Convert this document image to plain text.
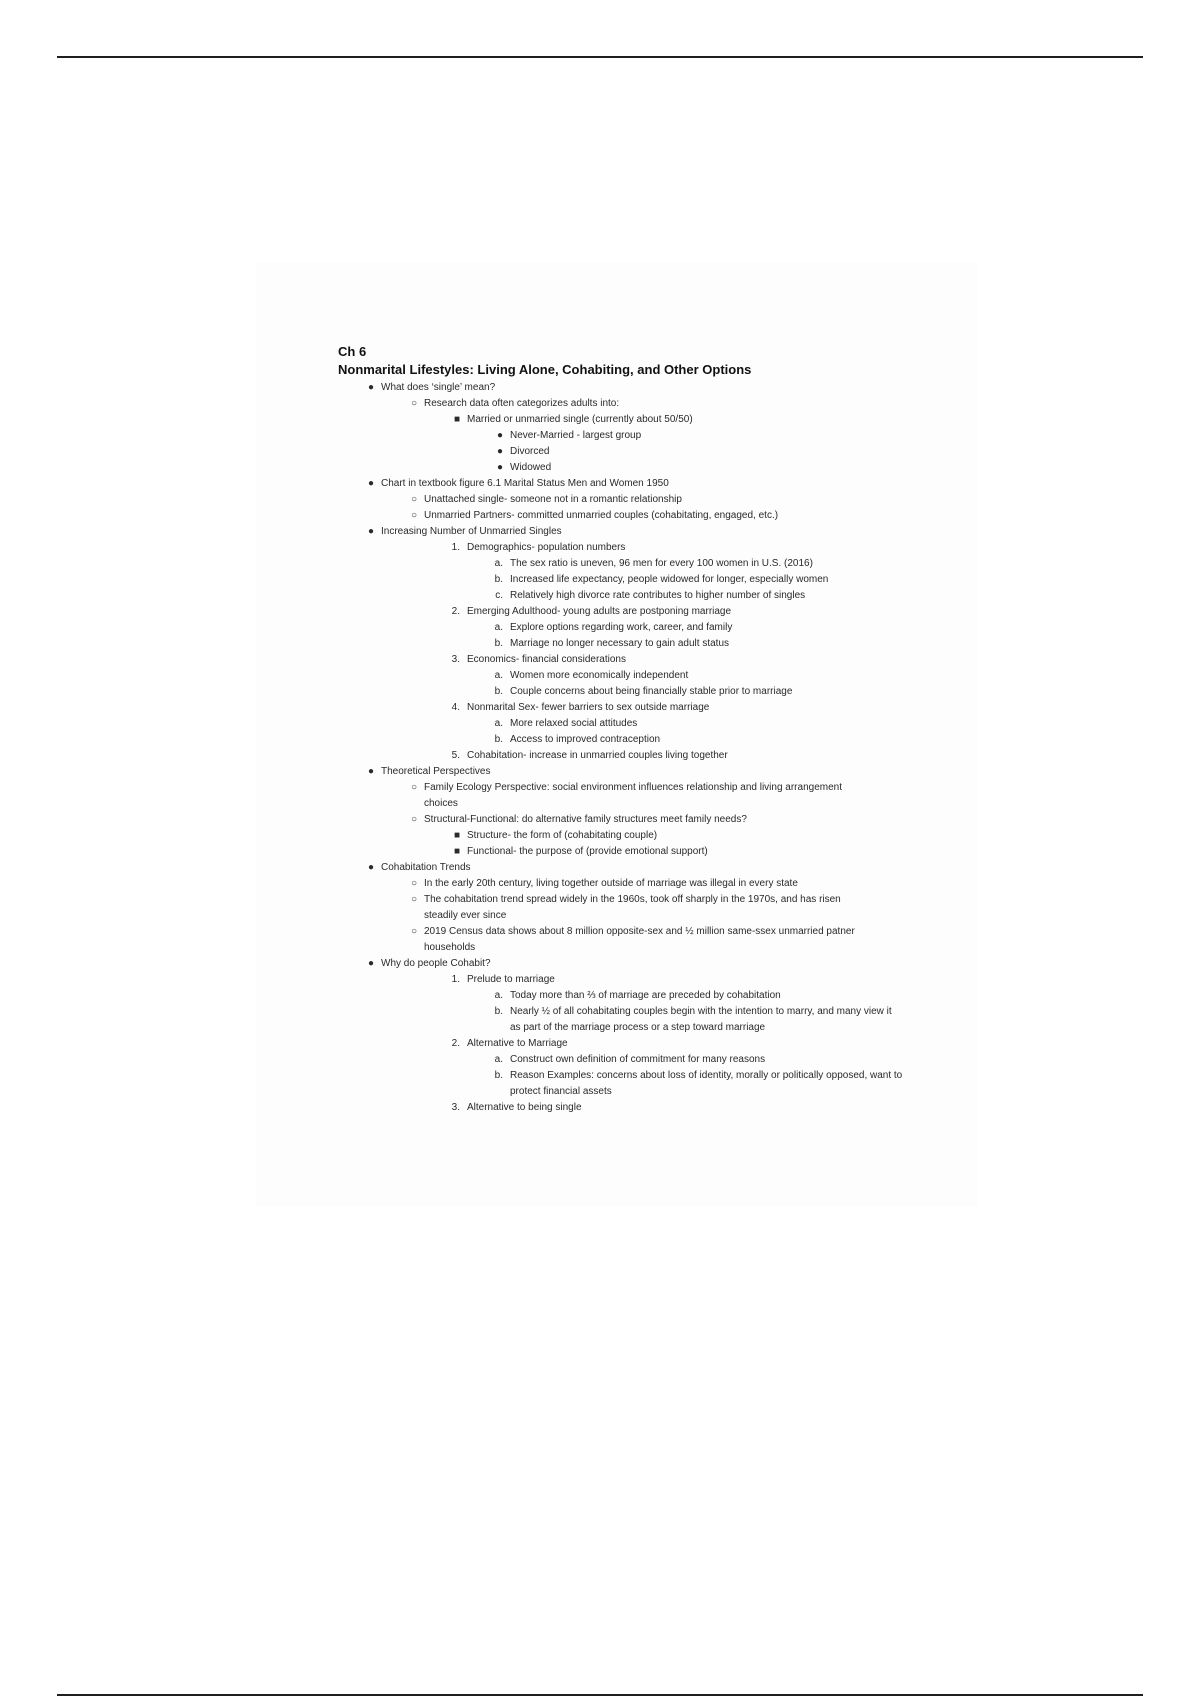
Ch 6
Nonmarital Lifestyles: Living Alone, Cohabiting, and Other Options
● What does ‘single’ mean?
○ Research data often categorizes adults into:
■ Married or unmarried single (currently about 50/50)
● Never-Married - largest group
● Divorced
● Widowed
● Chart in textbook figure 6.1 Marital Status Men and Women 1950
○ Unattached single- someone not in a romantic relationship
○ Unmarried Partners- committed unmarried couples (cohabitating, engaged, etc.)
● Increasing Number of Unmarried Singles
1. Demographics- population numbers
a. The sex ratio is uneven, 96 men for every 100 women in U.S. (2016)
b. Increased life expectancy, people widowed for longer, especially women
c. Relatively high divorce rate contributes to higher number of singles
2. Emerging Adulthood- young adults are postponing marriage
a. Explore options regarding work, career, and family
b. Marriage no longer necessary to gain adult status
3. Economics- financial considerations
a. Women more economically independent
b. Couple concerns about being financially stable prior to marriage
4. Nonmarital Sex- fewer barriers to sex outside marriage
a. More relaxed social attitudes
b. Access to improved contraception
5. Cohabitation- increase in unmarried couples living together
● Theoretical Perspectives
○ Family Ecology Perspective: social environment influences relationship and living arrangement choices
○ Structural-Functional: do alternative family structures meet family needs?
■ Structure- the form of (cohabitating couple)
■ Functional- the purpose of (provide emotional support)
● Cohabitation Trends
○ In the early 20th century, living together outside of marriage was illegal in every state
○ The cohabitation trend spread widely in the 1960s, took off sharply in the 1970s, and has risen steadily ever since
○ 2019 Census data shows about 8 million opposite-sex and ½ million same-ssex unmarried patner households
● Why do people Cohabit?
1. Prelude to marriage
a. Today more than ⅔ of marriage are preceded by cohabitation
b. Nearly ½ of all cohabitating couples begin with the intention to marry, and many view it as part of the marriage process or a step toward marriage
2. Alternative to Marriage
a. Construct own definition of commitment for many reasons
b. Reason Examples: concerns about loss of identity, morally or politically opposed, want to protect financial assets
3. Alternative to being single
